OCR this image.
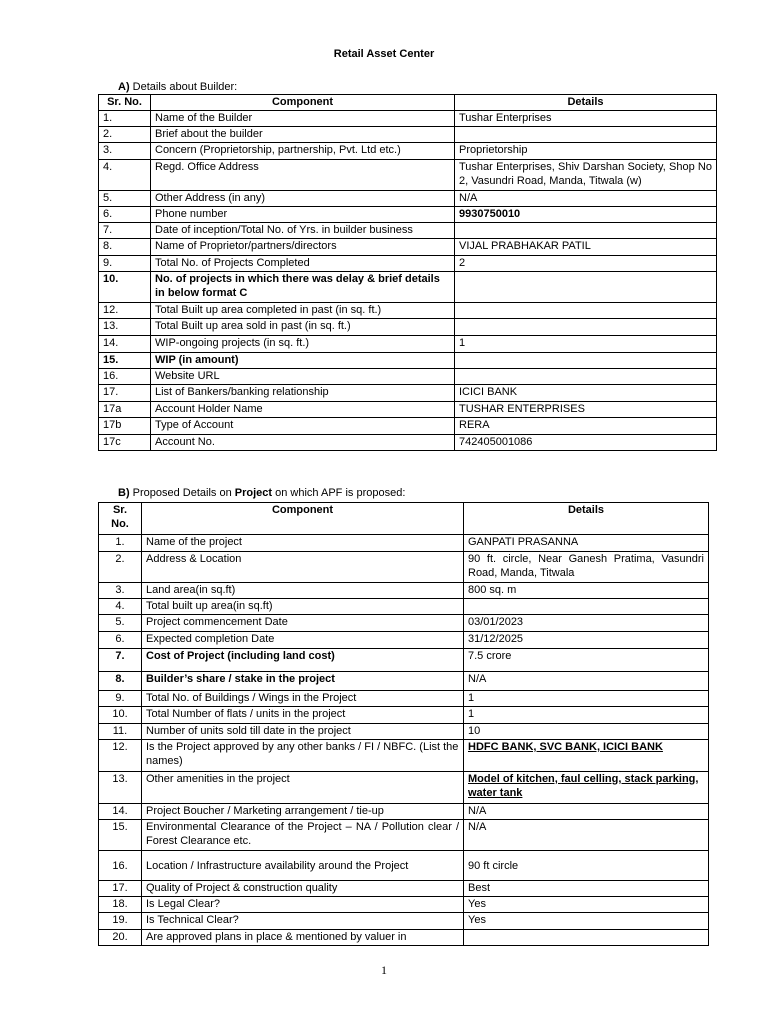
Retail Asset Center
A) Details about Builder:
Sr. No.	Component	Details
1.	Name of the Builder	Tushar Enterprises
2.	Brief about the builder	
3.	Concern (Proprietorship, partnership, Pvt. Ltd etc.)	Proprietorship
4.	Regd. Office Address	Tushar Enterprises, Shiv Darshan Society, Shop No 2, Vasundri Road, Manda, Titwala (w)
5.	Other Address (in any)	N/A
6.	Phone number	9930750010
7.	Date of inception/Total No. of Yrs. in builder business	
8.	Name of Proprietor/partners/directors	VIJAL PRABHAKAR PATIL
9.	Total No. of Projects Completed	2
10.	No. of projects in which there was delay & brief details in below format C	
12.	Total Built up area completed in past (in sq. ft.)	
13.	Total Built up area sold in past (in sq. ft.)	
14.	WIP-ongoing projects (in sq. ft.)	1
15.	WIP (in amount)	
16.	Website URL	
17.	List of Bankers/banking relationship	ICICI BANK
17a	Account Holder Name	TUSHAR ENTERPRISES
17b	Type of Account	RERA
17c	Account No.	742405001086
B) Proposed Details on Project on which APF is proposed:
Sr. No.	Component	Details
1.	Name of the project	GANPATI PRASANNA
2.	Address & Location	90 ft. circle, Near Ganesh Pratima, Vasundri Road, Manda, Titwala
3.	Land area(in sq.ft)	800 sq. m
4.	Total built up area(in sq.ft)	
5.	Project commencement Date	03/01/2023
6.	Expected completion Date	31/12/2025
7.	Cost of Project (including land cost)	7.5 crore
8.	Builder’s share / stake in the project	N/A
9.	Total No. of Buildings / Wings in the Project	1
10.	Total Number of flats / units in the project	1
11.	Number of units sold till date in the project	10
12.	Is the Project approved by any other banks / FI / NBFC. (List the names)	HDFC BANK, SVC BANK, ICICI BANK
13.	Other amenities in the project	Model of kitchen, faul celling, stack parking, water tank
14.	Project Boucher / Marketing arrangement / tie-up	N/A
15.	Environmental Clearance of the Project – NA / Pollution clear / Forest Clearance etc.	N/A
16.	Location / Infrastructure availability around the Project	90 ft circle
17.	Quality of Project & construction quality	Best
18.	Is Legal Clear?	Yes
19.	Is Technical Clear?	Yes
20.	Are approved plans in place & mentioned by valuer in	
1
